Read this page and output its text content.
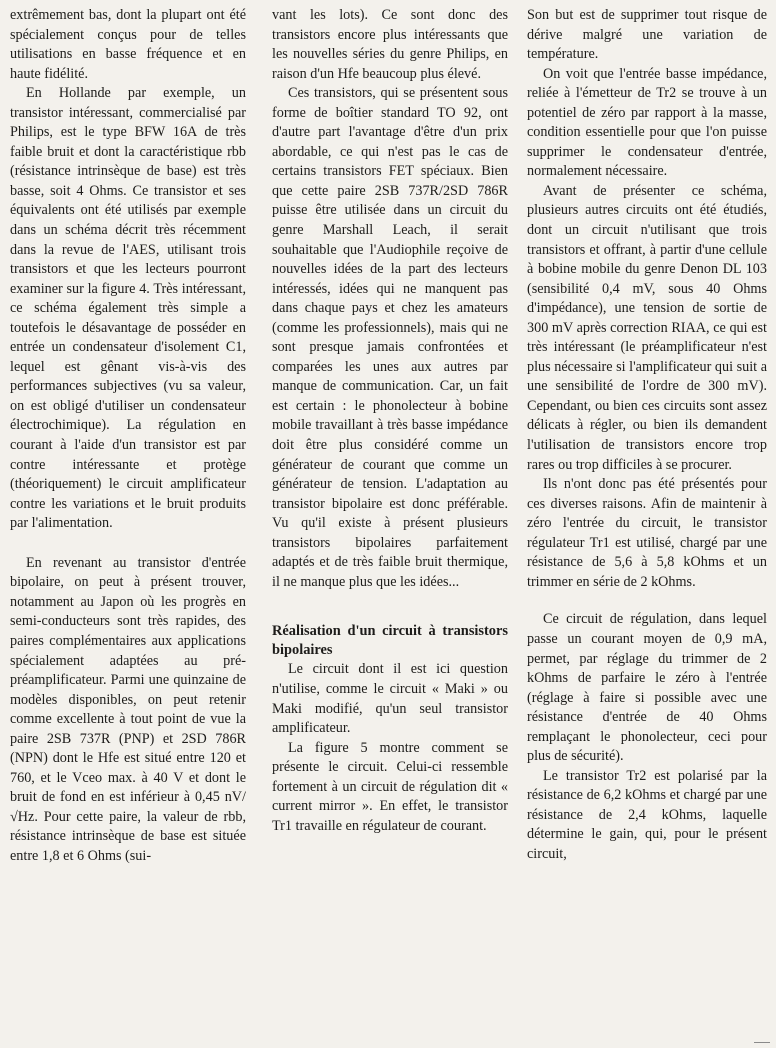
extrêmement bas, dont la plupart ont été spécialement conçus pour de telles utilisations en basse fréquence et en haute fidélité.

En Hollande par exemple, un transistor intéressant, commercialisé par Philips, est le type BFW 16A de très faible bruit et dont la caractéristique rbb (résistance intrinsèque de base) est très basse, soit 4 Ohms. Ce transistor et ses équivalents ont été utilisés par exemple dans un schéma décrit très récemment dans la revue de l'AES, utilisant trois transistors et que les lecteurs pourront examiner sur la figure 4. Très intéressant, ce schéma également très simple a toutefois le désavantage de posséder en entrée un condensateur d'isolement C1, lequel est gênant vis-à-vis des performances subjectives (vu sa valeur, on est obligé d'utiliser un condensateur électrochimique). La régulation en courant à l'aide d'un transistor est par contre intéressante et protège (théoriquement) le circuit amplificateur contre les variations et le bruit produits par l'alimentation.

En revenant au transistor d'entrée bipolaire, on peut à présent trouver, notamment au Japon où les progrès en semi-conducteurs sont très rapides, des paires complémentaires aux applications spécialement adaptées au pré-préamplificateur. Parmi une quinzaine de modèles disponibles, on peut retenir comme excellente à tout point de vue la paire 2SB 737R (PNP) et 2SD 786R (NPN) dont le Hfe est situé entre 120 et 760, et le Vceo max. à 40 V et dont le bruit de fond en est inférieur à 0,45 nV/√Hz. Pour cette paire, la valeur de rbb, résistance intrinsèque de base est située entre 1,8 et 6 Ohms (sui-

vant les lots). Ce sont donc des transistors encore plus intéressants que les nouvelles séries du genre Philips, en raison d'un Hfe beaucoup plus élevé.

Ces transistors, qui se présentent sous forme de boîtier standard TO 92, ont d'autre part l'avantage d'être d'un prix abordable, ce qui n'est pas le cas de certains transistors FET spéciaux. Bien que cette paire 2SB 737R/2SD 786R puisse être utilisée dans un circuit du genre Marshall Leach, il serait souhaitable que l'Audiophile reçoive de nouvelles idées de la part des lecteurs intéressés, idées qui ne manquent pas dans chaque pays et chez les amateurs (comme les professionnels), mais qui ne sont presque jamais confrontées et comparées les unes aux autres par manque de communication. Car, un fait est certain : le phonolecteur à bobine mobile travaillant à très basse impédance doit être plus considéré comme un générateur de courant que comme un générateur de tension. L'adaptation au transistor bipolaire est donc préférable. Vu qu'il existe à présent plusieurs transistors bipolaires parfaitement adaptés et de très faible bruit thermique, il ne manque plus que les idées...

Réalisation d'un circuit à transistors bipolaires

Le circuit dont il est ici question n'utilise, comme le circuit « Maki » ou Maki modifié, qu'un seul transistor amplificateur.

La figure 5 montre comment se présente le circuit. Celui-ci ressemble fortement à un circuit de régulation dit « current mirror ». En effet, le transistor Tr1 travaille en régulateur de courant.

Son but est de supprimer tout risque de dérive malgré une variation de température.

On voit que l'entrée basse impédance, reliée à l'émetteur de Tr2 se trouve à un potentiel de zéro par rapport à la masse, condition essentielle pour que l'on puisse supprimer le condensateur d'entrée, normalement nécessaire.

Avant de présenter ce schéma, plusieurs autres circuits ont été étudiés, dont un circuit n'utilisant que trois transistors et offrant, à partir d'une cellule à bobine mobile du genre Denon DL 103 (sensibilité 0,4 mV, sous 40 Ohms d'impédance), une tension de sortie de 300 mV après correction RIAA, ce qui est très intéressant (le préamplificateur n'est plus nécessaire si l'amplificateur qui suit a une sensibilité de l'ordre de 300 mV). Cependant, ou bien ces circuits sont assez délicats à régler, ou bien ils demandent l'utilisation de transistors encore trop rares ou trop difficiles à se procurer.

Ils n'ont donc pas été présentés pour ces diverses raisons. Afin de maintenir à zéro l'entrée du circuit, le transistor régulateur Tr1 est utilisé, chargé par une résistance de 5,6 à 5,8 kOhms et un trimmer en série de 2 kOhms.

Ce circuit de régulation, dans lequel passe un courant moyen de 0,9 mA, permet, par réglage du trimmer de 2 kOhms de parfaire le zéro à l'entrée (réglage à faire si possible avec une résistance d'entrée de 40 Ohms remplaçant le phonolecteur, ceci pour plus de sécurité).

Le transistor Tr2 est polarisé par la résistance de 6,2 kOhms et chargé par une résistance de 2,4 kOhms, laquelle détermine le gain, qui, pour le présent circuit,
